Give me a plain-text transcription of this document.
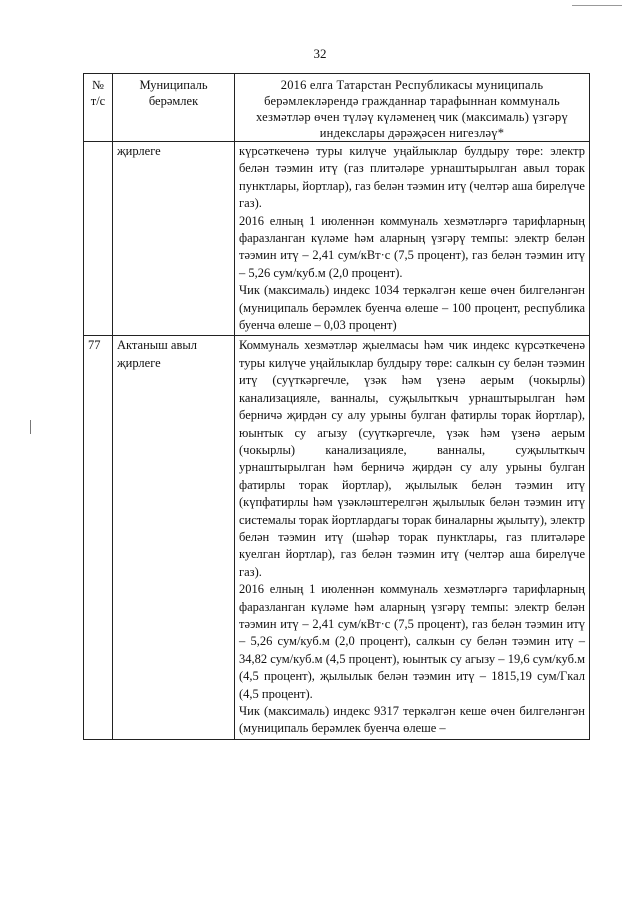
32
№ т/с	Муниципаль берәмлек	2016 елга Татарстан Республикасы муниципаль берәмлекләрендә гражданнар тарафыннан коммуналь хезмәтләр өчен түләү күләменең чик (максималь) үзгәрү индекслары дәрәҗәсен нигезләү*
	җирлеге	күрсәткеченә туры килүче уңайлыклар булдыру төре: электр белән тәэмин итү (газ плитәләре урнаштырылган авыл торак пунктлары, йортлар), газ белән тәэмин итү (челтәр аша бирелүче газ).

2016 елның 1 июленнән коммуналь хезмәтләргә тарифларның фаразланган күләме һәм аларның үзгәрү темпы: электр белән тәэмин итү – 2,41 сум/кВт·с (7,5 процент), газ белән тәэмин итү – 5,26 сум/куб.м (2,0 процент).

Чик (максималь) индекс 1034 теркәлгән кеше өчен билгеләнгән (муниципаль берәмлек буенча өлеше – 100 процент, республика буенча өлеше – 0,03 процент)

77	Актаныш авыл җирлеге	Коммуналь хезмәтләр җыелмасы һәм чик индекс күрсәткеченә туры килүче уңайлыклар булдыру төре: салкын су белән тәэмин итү (суүткәргечле, үзәк һәм үзенә аерым (чокырлы) канализацияле, ванналы, суҗылыткыч урнаштырылган һәм берничә җирдән су алу урыны булган фатирлы торак йортлар), юынтык су агызу (суүткәргечле, үзәк һәм үзенә аерым (чокырлы) канализацияле, ванналы, суҗылыткыч урнаштырылган һәм берничә җирдән су алу урыны булган фатирлы торак йортлар), җылылык белән тәэмин итү (күпфатирлы һәм үзәкләштерелгән җылылык белән тәэмин итү системалы торак йортлардагы торак биналарны җылыту), электр белән тәэмин итү (шәһәр торак пунктлары, газ плитәләре куелган йортлар), газ белән тәэмин итү (челтәр аша бирелүче газ).

2016 елның 1 июленнән коммуналь хезмәтләргә тарифларның фаразланган күләме һәм аларның үзгәрү темпы: электр белән тәэмин итү – 2,41 сум/кВт·с (7,5 процент), газ белән тәэмин итү – 5,26 сум/куб.м (2,0 процент), салкын су белән тәэмин итү – 34,82 сум/куб.м (4,5 процент), юынтык су агызу – 19,6 сум/куб.м (4,5 процент), җылылык белән тәэмин итү – 1815,19 сум/Гкал (4,5 процент).

Чик (максималь) индекс 9317 теркәлгән кеше өчен билгеләнгән (муниципаль берәмлек буенча өлеше –
